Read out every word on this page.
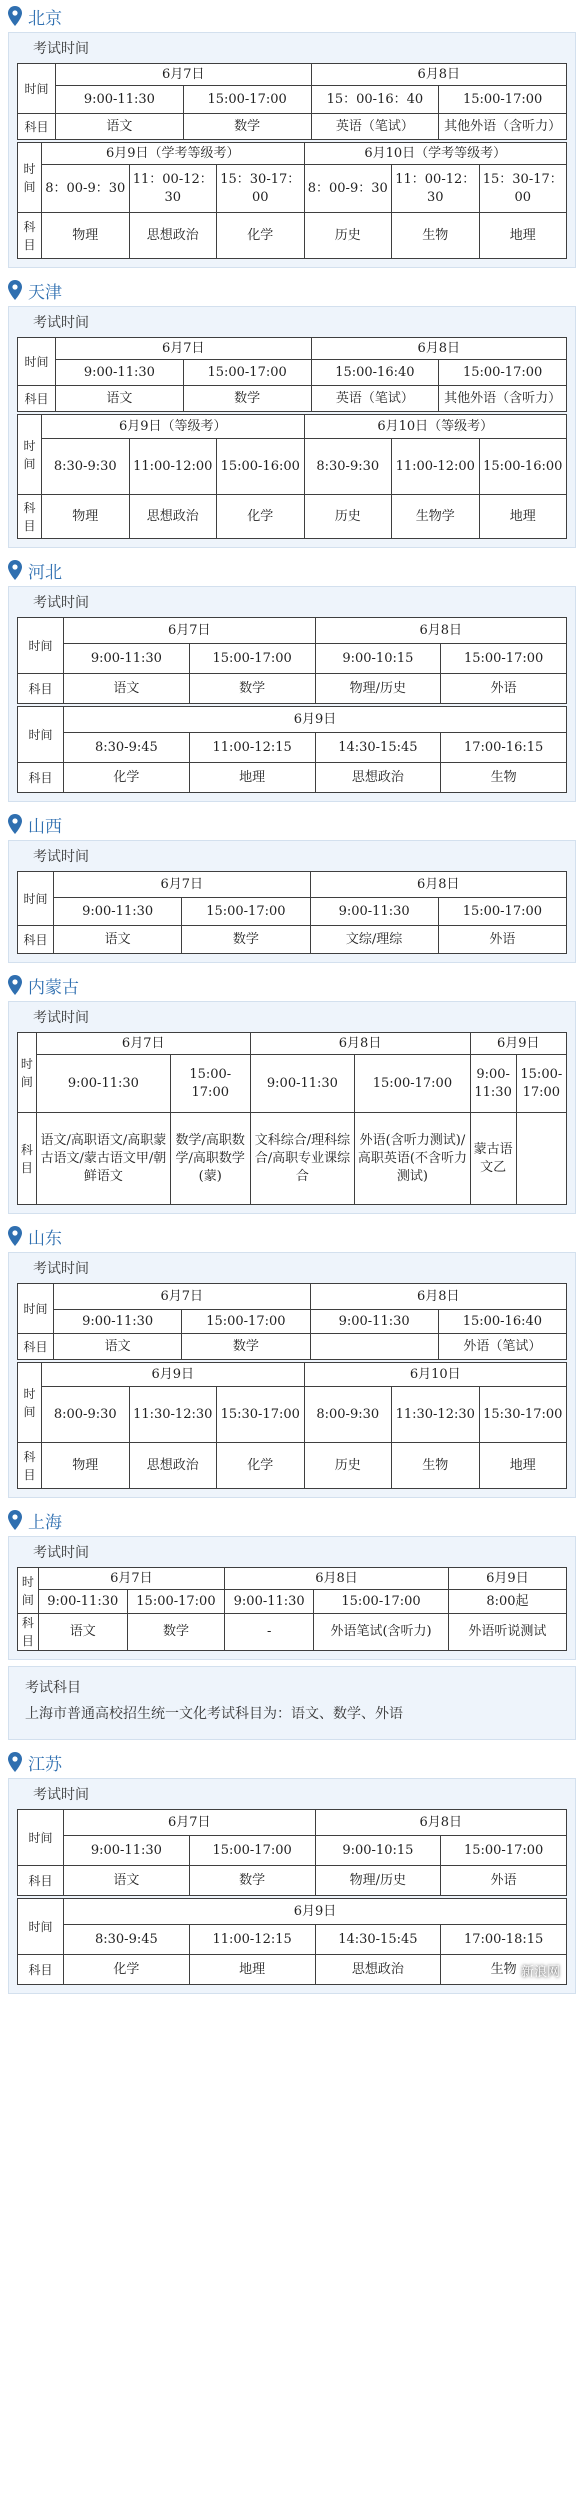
北京
考试时间
时间	6月7日		6月8日	
	9:00-11:30	15:00-17:00	15：00-16：40	15:00-17:00
科目	语文	数学	英语（笔试）	其他外语（含听力）
时间	6月9日（学考等级考）			6月10日（学考等级考）		
	8：00-9：30	11：00-12：30	15：30-17：00	8：00-9：30	11：00-12：30	15：30-17：00
科目	物理	思想政治	化学	历史	生物	地理
天津
考试时间
时间	6月7日		6月8日	
	9:00-11:30	15:00-17:00	15:00-16:40	15:00-17:00
科目	语文	数学	英语（笔试）	其他外语（含听力）
时间	6月9日（等级考）			6月10日（等级考）		
	8:30-9:30	11:00-12:00	15:00-16:00	8:30-9:30	11:00-12:00	15:00-16:00
科目	物理	思想政治	化学	历史	生物学	地理
河北
考试时间
时间	6月7日		6月8日	
	9:00-11:30	15:00-17:00	9:00-10:15	15:00-17:00
科目	语文	数学	物理/历史	外语
时间	6月9日			
	8:30-9:45	11:00-12:15	14:30-15:45	17:00-16:15
科目	化学	地理	思想政治	生物
山西
考试时间
时间	6月7日		6月8日	
	9:00-11:30	15:00-17:00	9:00-11:30	15:00-17:00
科目	语文	数学	文综/理综	外语
内蒙古
考试时间
时间	6月7日		6月8日		6月9日	
	9:00-11:30	15:00-17:00	9:00-11:30	15:00-17:00	9:00-11:30	15:00-17:00
科目	语文/高职语文/高职蒙古语文/蒙古语文甲/朝鲜语文	数学/高职数学/高职数学(蒙)	文科综合/理科综合/高职专业课综合	外语(含听力测试)/高职英语(不含听力测试)	蒙古语文乙	
山东
考试时间
时间	6月7日		6月8日	
	9:00-11:30	15:00-17:00	9:00-11:30	15:00-16:40
科目	语文	数学		外语（笔试）
时间	6月9日			6月10日		
	8:00-9:30	11:30-12:30	15:30-17:00	8:00-9:30	11:30-12:30	15:30-17:00
科目	物理	思想政治	化学	历史	生物	地理
上海
考试时间
时间	6月7日		6月8日		6月9日
	9:00-11:30	15:00-17:00	9:00-11:30	15:00-17:00	8:00起
科目	语文	数学	-	外语笔试(含听力)	外语听说测试
考试科目
上海市普通高校招生统一文化考试科目为：语文、数学、外语
江苏
考试时间
时间	6月7日		6月8日	
	9:00-11:30	15:00-17:00	9:00-10:15	15:00-17:00
科目	语文	数学	物理/历史	外语
时间	6月9日			
	8:30-9:45	11:00-12:15	14:30-15:45	17:00-18:15
科目	化学	地理	思想政治	生物 新浪网
